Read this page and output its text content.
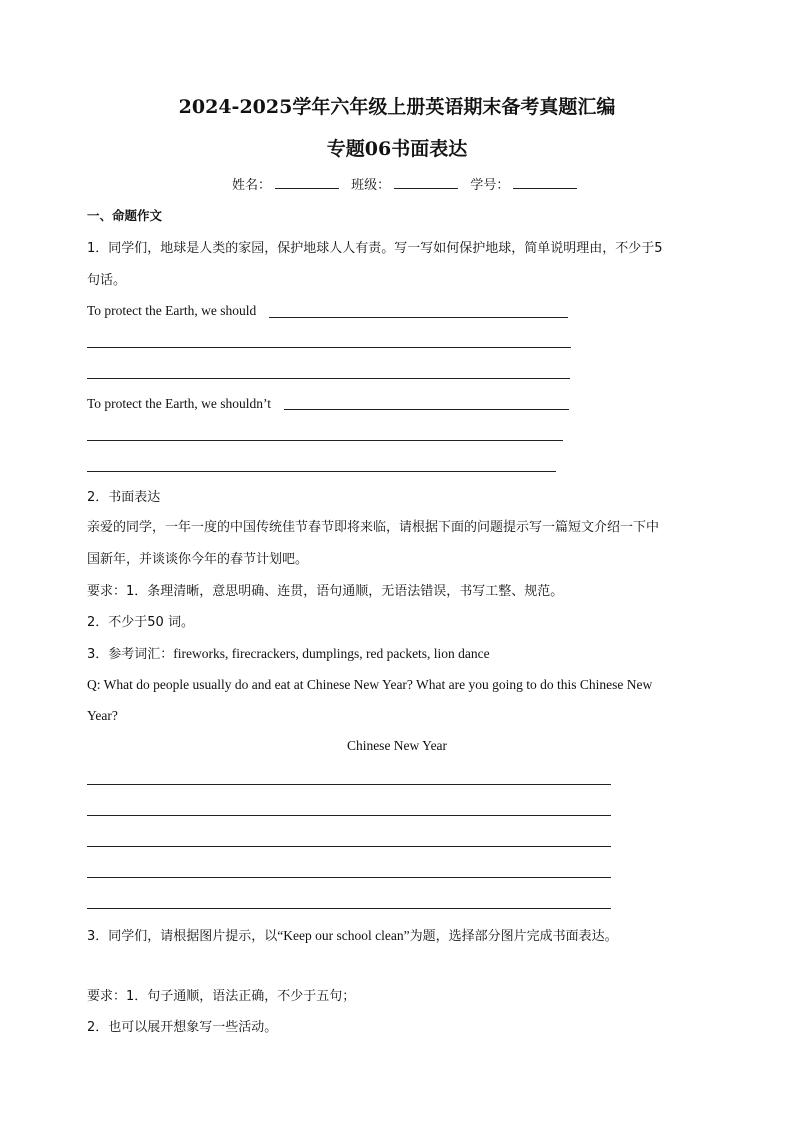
2024-2025学年六年级上册英语期末备考真题汇编
专题06书面表达
姓名：	班级：	学号：
一、命题作文
1．同学们，地球是人类的家园，保护地球人人有责。写一写如何保护地球，简单说明理由，不少于5
句话。
To protect the Earth, we should
To protect the Earth, we shouldn’t
2．书面表达
亲爱的同学，一年一度的中国传统佳节春节即将来临，请根据下面的问题提示写一篇短文介绍一下中
国新年，并谈谈你今年的春节计划吧。
要求：1．条理清晰，意思明确、连贯，语句通顺，无语法错误，书写工整、规范。
2．不少于50 词。
3．参考词汇：fireworks, firecrackers, dumplings, red packets, lion dance
Q: What do people usually do and eat at Chinese New Year? What are you going to do this Chinese New
Year?
Chinese New Year
3．同学们，请根据图片提示，以“Keep our school clean”为题，选择部分图片完成书面表达。
要求：1．句子通顺，语法正确，不少于五句；
2．也可以展开想象写一些活动。
